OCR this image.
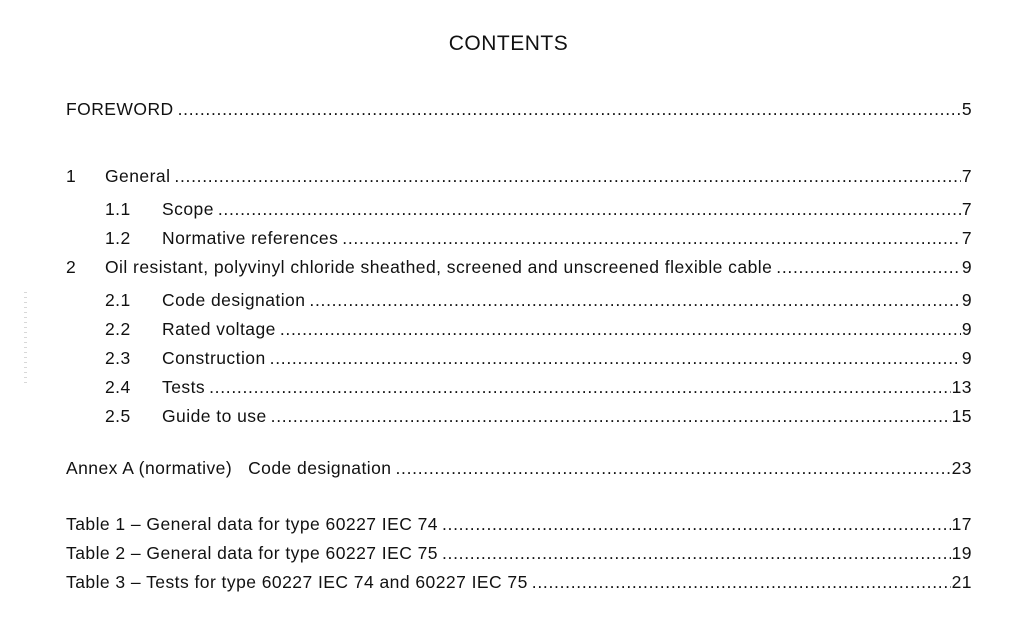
CONTENTS
FOREWORD .....	5
1	General .....	7
1.1	Scope .....	7
1.2	Normative references .....	7
2	Oil resistant, polyvinyl chloride sheathed, screened and unscreened flexible cable .....	9
2.1	Code designation .....	9
2.2	Rated voltage .....	9
2.3	Construction .....	9
2.4	Tests .....	13
2.5	Guide to use .....	15
Annex A (normative)   Code designation .....	23
Table 1 – General data for type 60227 IEC 74 .....	17
Table 2 – General data for type 60227 IEC 75 .....	19
Table 3 – Tests for type 60227 IEC 74 and 60227 IEC 75 .....	21
